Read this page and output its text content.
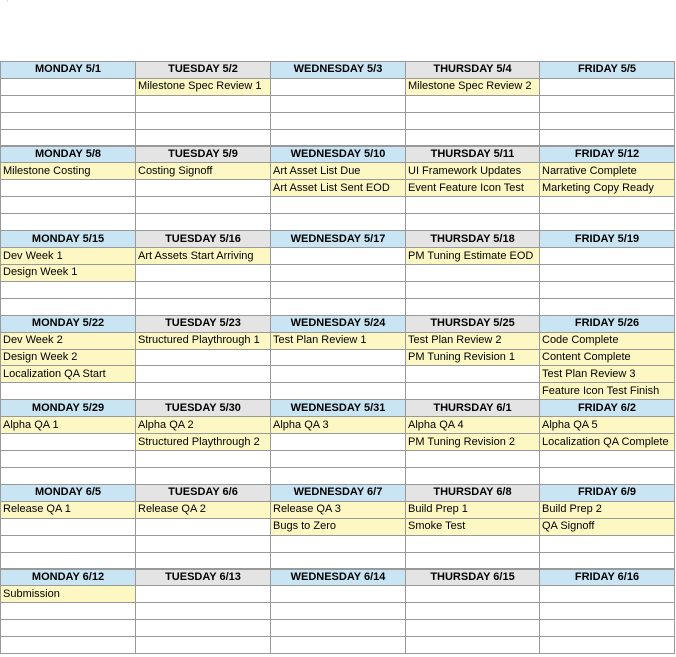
MONDAY 5/1	TUESDAY 5/2	WEDNESDAY 5/3	THURSDAY 5/4	FRIDAY 5/5
	Milestone Spec Review 1		Milestone Spec Review 2	

MONDAY 5/8	TUESDAY 5/9	WEDNESDAY 5/10	THURSDAY 5/11	FRIDAY 5/12
Milestone Costing	Costing Signoff	Art Asset List Due	UI Framework Updates	Narrative Complete
		Art Asset List Sent EOD	Event Feature Icon Test	Marketing Copy Ready

MONDAY 5/15	TUESDAY 5/16	WEDNESDAY 5/17	THURSDAY 5/18	FRIDAY 5/19
Dev Week 1	Art Assets Start Arriving		PM Tuning Estimate EOD	
Design Week 1				

MONDAY 5/22	TUESDAY 5/23	WEDNESDAY 5/24	THURSDAY 5/25	FRIDAY 5/26
Dev Week 2	Structured Playthrough 1	Test Plan Review 1	Test Plan Review 2	Code Complete
Design Week 2			PM Tuning Revision 1	Content Complete
Localization QA Start				Test Plan Review 3
				Feature Icon Test Finish
MONDAY 5/29	TUESDAY 5/30	WEDNESDAY 5/31	THURSDAY 6/1	FRIDAY 6/2
Alpha QA 1	Alpha QA 2	Alpha QA 3	Alpha QA 4	Alpha QA 5
	Structured Playthrough 2		PM Tuning Revision 2	Localization QA Complete

MONDAY 6/5	TUESDAY 6/6	WEDNESDAY 6/7	THURSDAY 6/8	FRIDAY 6/9
Release QA 1	Release QA 2	Release QA 3	Build Prep 1	Build Prep 2
		Bugs to Zero	Smoke Test	QA Signoff

MONDAY 6/12	TUESDAY 6/13	WEDNESDAY 6/14	THURSDAY 6/15	FRIDAY 6/16
Submission				
